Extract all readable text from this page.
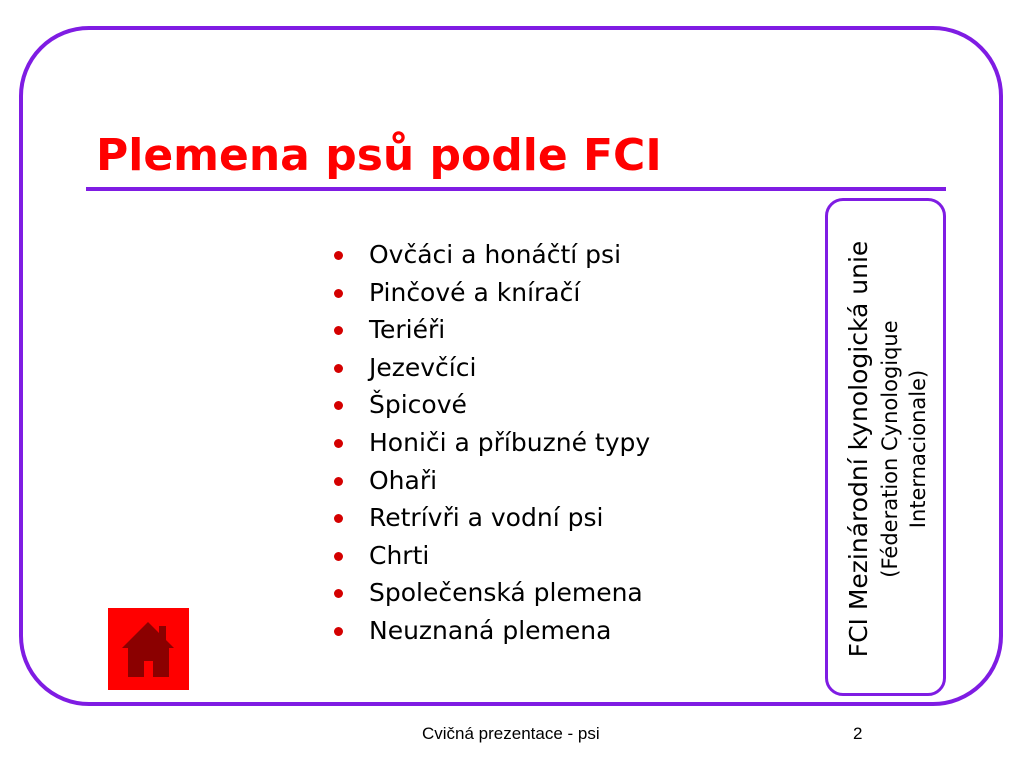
Plemena psů podle FCI
Ovčáci a honáčtí psi
Pinčové a kníračí
Teriéři
Jezevčíci
Špicové
Honiči a příbuzné typy
Ohaři
Retrívři a vodní psi
Chrti
Společenská plemena
Neuznaná plemena	FCI Mezinárodní kynologická unie (Féderation Cynologique Internacionale)
Cvičná prezentace - psi	2
